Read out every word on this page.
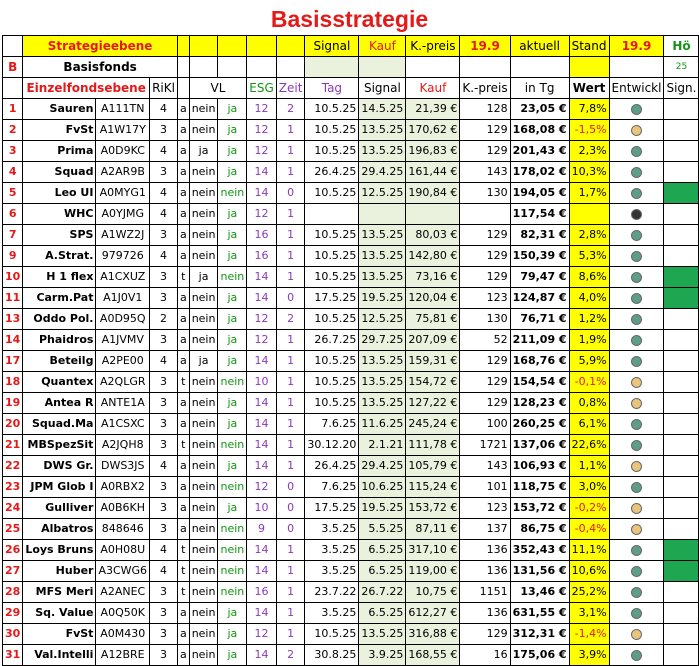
Basisstrategie
	Strategieebene								Signal	Kauf	K.-preis	19.9	aktuell	Stand	19.9	Hö
B	Basisfonds															25
	Einzelfondsebene		RiKl		VL		ESG	Zeit	Tag	Signal	Kauf	K.-preis	in Tg	Wert	Entwickl	Sign.
1	Sauren	A111TN	4	a	nein	ja	12	2	10.5.25	14.5.25	21,39 €	128	23,05 €	7,8%		
2	FvSt	A1W17Y	3	a	nein	ja	12	1	10.5.25	13.5.25	170,62 €	129	168,08 €	-1,5%		
3	Prima	A0D9KC	4	a	ja	ja	12	1	10.5.25	13.5.25	196,83 €	129	201,43 €	2,3%		
4	Squad	A2AR9B	3	a	nein	ja	14	1	26.4.25	29.4.25	161,44 €	143	178,02 €	10,3%		
5	Leo UI	A0MYG1	4	a	nein	nein	14	0	10.5.25	12.5.25	190,84 €	130	194,05 €	1,7%		
6	WHC	A0YJMG	4	a	nein	ja	12	1					117,54 €			
7	SPS	A1WZ2J	3	a	nein	ja	16	1	10.5.25	13.5.25	80,03 €	129	82,31 €	2,8%		
9	A.Strat.	979726	4	a	nein	ja	16	1	10.5.25	13.5.25	142,80 €	129	150,39 €	5,3%		
10	H 1 flex	A1CXUZ	3	t	ja	nein	14	1	10.5.25	13.5.25	73,16 €	129	79,47 €	8,6%		
11	Carm.Pat	A1J0V1	3	a	nein	ja	14	0	17.5.25	19.5.25	120,04 €	123	124,87 €	4,0%		
13	Oddo Pol.	A0D95Q	2	a	nein	ja	12	2	10.5.25	12.5.25	75,81 €	130	76,71 €	1,2%		
14	Phaidros	A1JVMV	3	a	nein	ja	12	1	26.7.25	29.7.25	207,09 €	52	211,09 €	1,9%		
17	Beteilg	A2PE00	4	a	ja	ja	14	1	10.5.25	13.5.25	159,31 €	129	168,76 €	5,9%		
18	Quantex	A2QLGR	3	t	nein	nein	10	1	10.5.25	13.5.25	154,72 €	129	154,54 €	-0,1%		
19	Antea R	ANTE1A	3	a	nein	ja	14	1	10.5.25	13.5.25	127,22 €	129	128,23 €	0,8%		
20	Squad.Ma	A1CSXC	3	a	nein	ja	14	1	7.6.25	11.6.25	245,24 €	100	260,25 €	6,1%		
21	MBSpezSit	A2JQH8	3	t	nein	nein	14	1	30.12.20	2.1.21	111,78 €	1721	137,06 €	22,6%		
22	DWS Gr.	DWS3JS	4	a	nein	ja	14	1	26.4.25	29.4.25	105,79 €	143	106,93 €	1,1%		
23	JPM Glob I	A0RBX2	3	a	nein	nein	12	0	7.6.25	10.6.25	115,24 €	101	118,75 €	3,0%		
24	Gulliver	A0B6KH	3	a	nein	ja	10	0	17.5.25	19.5.25	153,72 €	123	153,72 €	-0,2%		
25	Albatros	848646	3	a	nein	nein	9	0	3.5.25	5.5.25	87,11 €	137	86,75 €	-0,4%		
26	Loys Bruns	A0H08U	4	t	nein	nein	14	1	3.5.25	6.5.25	317,10 €	136	352,43 €	11,1%		
27	Huber	A3CWG6	4	t	nein	nein	14	1	3.5.25	6.5.25	119,00 €	136	131,56 €	10,6%		
28	MFS Meri	A2ANEC	3	t	nein	nein	16	1	23.7.22	26.7.22	10,75 €	1151	13,46 €	25,2%		
29	Sq. Value	A0Q50K	3	a	nein	ja	14	1	3.5.25	6.5.25	612,27 €	136	631,55 €	3,1%		
30	FvSt	A0M430	3	a	nein	ja	12	1	10.5.25	13.5.25	316,88 €	129	312,31 €	-1,4%		
31	Val.Intelli	A12BRE	3	a	nein	ja	14	2	30.8.25	3.9.25	168,55 €	16	175,06 €	3,9%		
